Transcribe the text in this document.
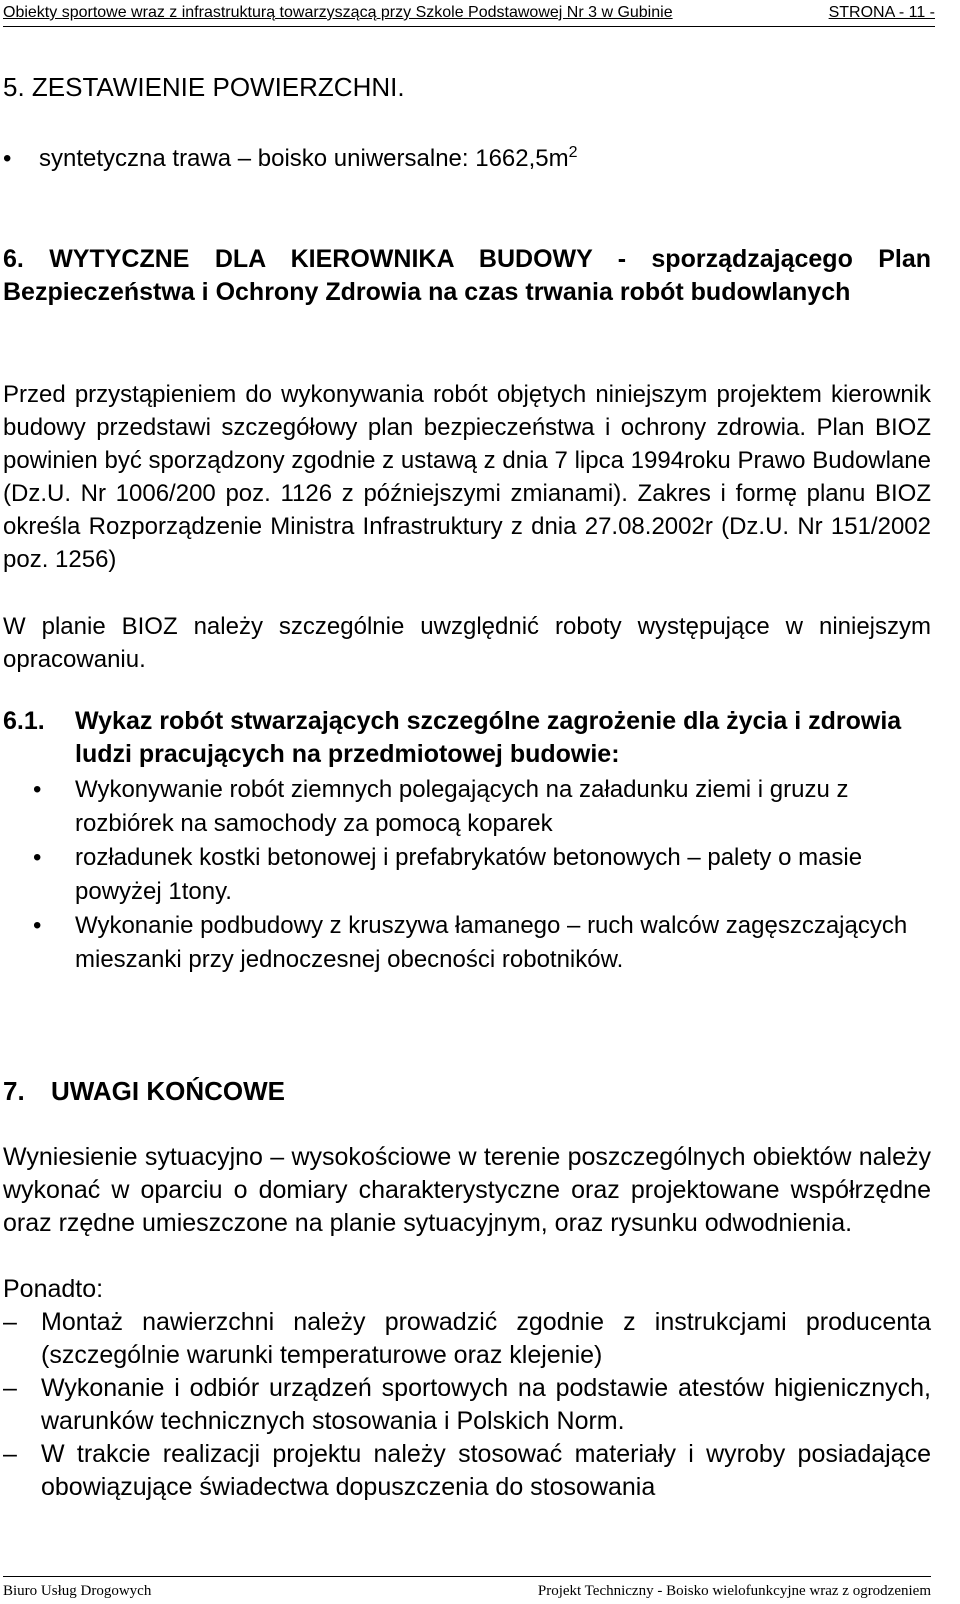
Obiekty sportowe wraz z infrastrukturą towarzyszącą przy Szkole Podstawowej Nr 3 w Gubinie	STRONA - 11 -
5. ZESTAWIENIE POWIERZCHNI.
• syntetyczna trawa – boisko uniwersalne: $1662,5m^2$
6. WYTYCZNE DLA KIEROWNIKA BUDOWY - sporządzającego Plan Bezpieczeństwa i Ochrony Zdrowia na czas trwania robót budowlanych
Przed przystąpieniem do wykonywania robót objętych niniejszym projektem kierownik budowy przedstawi szczegółowy plan bezpieczeństwa i ochrony zdrowia. Plan BIOZ powinien być sporządzony zgodnie z ustawą z dnia 7 lipca 1994roku Prawo Budowlane (Dz.U. Nr 1006/200 poz. 1126 z późniejszymi zmianami). Zakres i formę planu BIOZ określa Rozporządzenie Ministra Infrastruktury z dnia 27.08.2002r (Dz.U. Nr 151/2002 poz. 1256)
W planie BIOZ należy szczególnie uwzględnić roboty występujące w niniejszym opracowaniu.
6.1. Wykaz robót stwarzających szczególne zagrożenie dla życia i zdrowia ludzi pracujących na przedmiotowej budowie:
• Wykonywanie robót ziemnych polegających na załadunku ziemi i gruzu z rozbiórek na samochody za pomocą koparek
• rozładunek kostki betonowej i prefabrykatów betonowych – palety o masie powyżej 1tony.
• Wykonanie podbudowy z kruszywa łamanego – ruch walców zagęszczających mieszanki przy jednoczesnej obecności robotników.
7. UWAGI KOŃCOWE
Wyniesienie sytuacyjno – wysokościowe w terenie poszczególnych obiektów należy wykonać w oparciu o domiary charakterystyczne oraz projektowane współrzędne oraz rzędne umieszczone na planie sytuacyjnym, oraz rysunku odwodnienia.
Ponadto:
– Montaż nawierzchni należy prowadzić zgodnie z instrukcjami producenta (szczególnie warunki temperaturowe oraz klejenie)
– Wykonanie i odbiór urządzeń sportowych na podstawie atestów higienicznych, warunków technicznych stosowania i Polskich Norm.
– W trakcie realizacji projektu należy stosować materiały i wyroby posiadające obowiązujące świadectwa dopuszczenia do stosowania
Biuro Usług Drogowych	Projekt Techniczny - Boisko wielofunkcyjne wraz z ogrodzeniem
